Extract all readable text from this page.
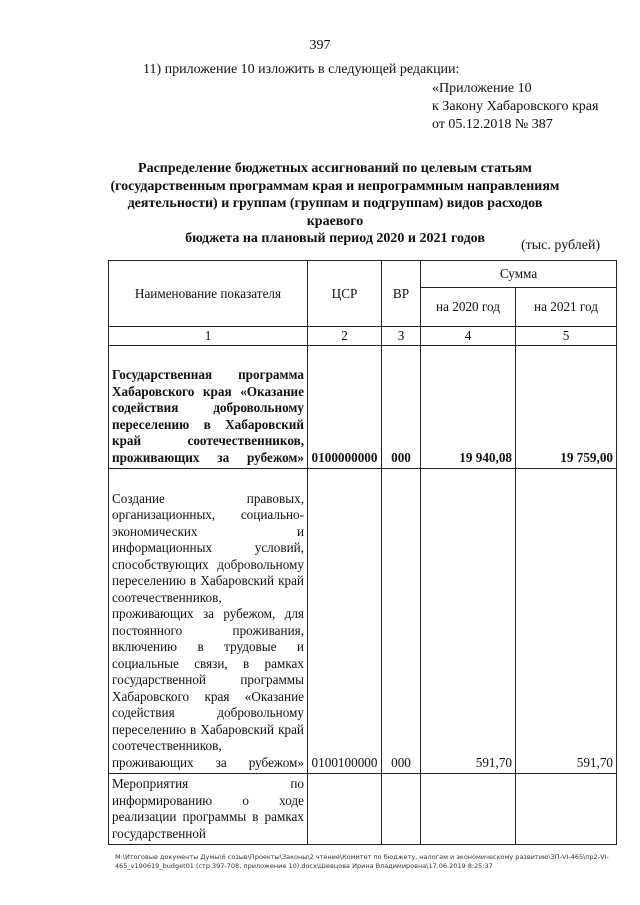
397
11) приложение 10 изложить в следующей редакции:
«Приложение 10
к Закону Хабаровского края
от 05.12.2018 № 387
Распределение бюджетных ассигнований по целевым статьям
(государственным программам края и непрограммным направлениям
деятельности) и группам (группам и подгруппам) видов расходов краевого
бюджета на плановый период 2020 и 2021 годов	(тыс. рублей)
Наименование показателя	ЦСР	ВР	Сумма	
			на 2020 год	на 2021 год
1	2	3	4	5
Государственная программа Хабаровского края «Оказание содействия добровольному переселению в Хабаровский край соотечественников, проживающих за рубежом»	0100000000	000	19 940,08	19 759,00
Создание правовых, организационных, социально-экономических и информационных условий, способствующих добровольному переселению в Хабаровский край соотечественников, проживающих за рубежом, для постоянного проживания, включению в трудовые и социальные связи, в рамках государственной программы Хабаровского края «Оказание содействия добровольному переселению в Хабаровский край соотечественников, проживающих за рубежом»	0100100000	000	591,70	591,70
Мероприятия по информированию о ходе реализации программы в рамках государственной				
M:\Итоговые документы Думы\6 созыв\Проекты\Законы\2 чтение\Комитет по бюджету, налогам и экономическому развитию\ЗП-VI-465\пр2-VI-465_v190619_budget01 (стр.397-708, приложение 10).docx\Шевцова Ирина Владимировна\17.06.2019 8:25:37
